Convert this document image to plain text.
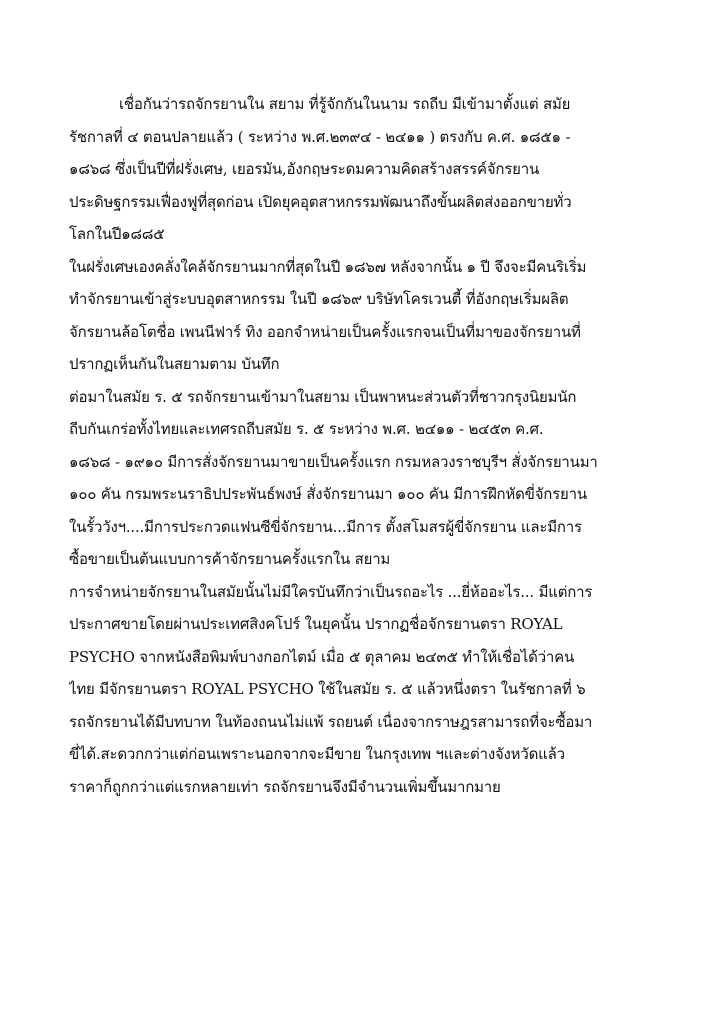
เชื่อกันว่ารถจักรยานใน สยาม ที่รู้จักกันในนาม รถถีบ มีเข้ามาตั้งแต่ สมัย
รัชกาลที่ ๔ ตอนปลายแล้ว ( ระหว่าง พ.ศ.๒๓๙๔ - ๒๔๑๑ ) ตรงกับ ค.ศ. ๑๘๕๑ -
๑๘๖๘ ซึ่งเป็นปีที่ฝรั่งเศษ, เยอรมัน,อังกฤษระดมความคิดสร้างสรรค์จักรยาน
ประดิษฐกรรมเฟื่องฟูที่สุดก่อน เปิดยุคอุตสาหกรรมพัฒนาถึงขั้นผลิตส่งออกขายทั่ว
โลกในปี๑๘๘๕
ในฝรั่งเศษเองคลั่งใคล้จักรยานมากที่สุดในปี ๑๘๖๗ หลังจากนั้น ๑ ปี จึงจะมีคนริเริ่ม
ทำจักรยานเข้าสู่ระบบอุตสาหกรรม ในปี ๑๘๖๙ บริษัทโครเวนตี้ ที่อังกฤษเริ่มผลิต
จักรยานล้อโตชื่อ เพนนีฟาร์ ทิง ออกจำหน่ายเป็นครั้งแรกจนเป็นที่มาของจักรยานที่
ปรากฏเห็นกันในสยามตาม บันทึก
ต่อมาในสมัย ร. ๕ รถจักรยานเข้ามาในสยาม เป็นพาหนะส่วนตัวที่ชาวกรุงนิยมนัก
ถีบกันเกร่อทั้งไทยและเทศรถถีบสมัย ร. ๕ ระหว่าง พ.ศ. ๒๔๑๑ - ๒๔๕๓ ค.ศ.
๑๘๖๘ - ๑๙๑๐ มีการสั่งจักรยานมาขายเป็นครั้งแรก กรมหลวงราชบุรีฯ สั่งจักรยานมา
๑๐๐ คัน กรมพระนราธิปประพันธ์พงษ์ สั่งจักรยานมา ๑๐๐ คัน มีการฝึกหัดขี่จักรยาน
ในรั้ววังฯ....มีการประกวดแฟนซีขี่จักรยาน...มีการ ตั้งสโมสรผู้ขี่จักรยาน และมีการ
ซื้อขายเป็นต้นแบบการค้าจักรยานครั้งแรกใน สยาม
การจำหน่ายจักรยานในสมัยนั้นไม่มีใครบันทึกว่าเป็นรถอะไร ...ยี่ห้ออะไร... มีแต่การ
ประกาศขายโดยผ่านประเทศสิงคโปร์ ในยุคนั้น ปรากฏชื่อจักรยานตรา ROYAL
PSYCHO จากหนังสือพิมพ์บางกอกไตม์ เมื่อ ๕ ตุลาคม ๒๔๓๕ ทำให้เชื่อได้ว่าคน
ไทย มีจักรยานตรา ROYAL PSYCHO ใช้ในสมัย ร. ๕ แล้วหนึ่งตรา ในรัชกาลที่ ๖
รถจักรยานได้มีบทบาท ในท้องถนนไม่แพ้ รถยนต์ เนื่องจากราษฎรสามารถที่จะซื้อมา
ขี่ได้.สะดวกกว่าแต่ก่อนเพราะนอกจากจะมีขาย ในกรุงเทพ ฯและต่างจังหวัดแล้ว
ราคาก็ถูกกว่าแต่แรกหลายเท่า รถจักรยานจึงมีจำนวนเพิ่มขึ้นมากมาย
